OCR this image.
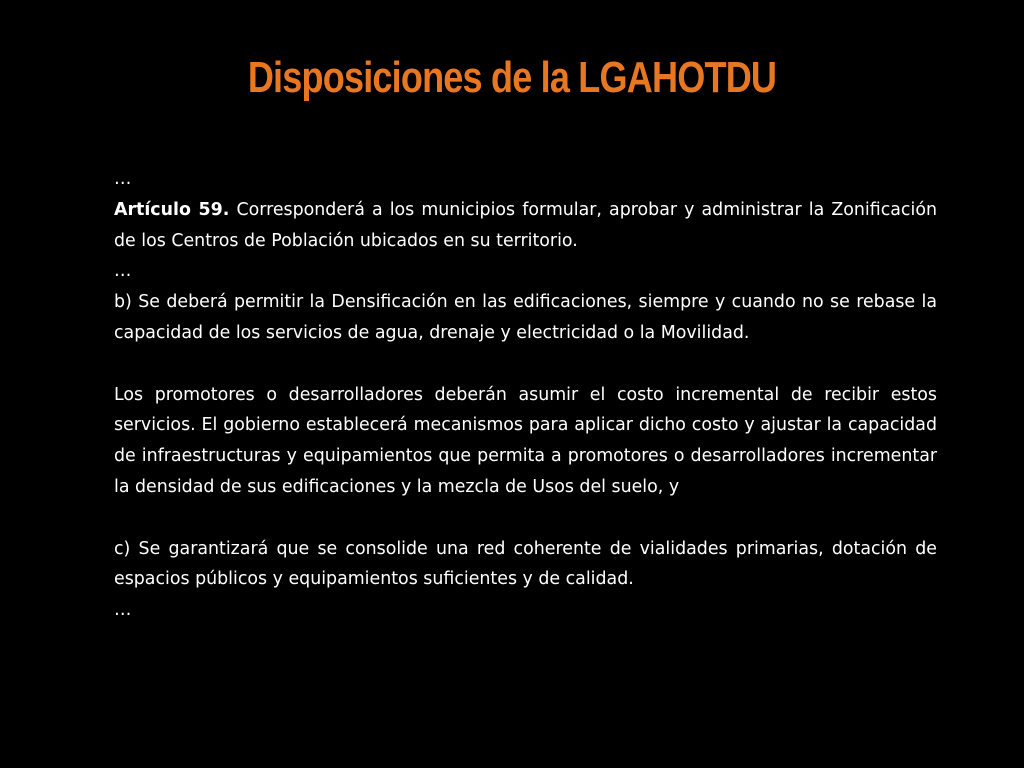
Disposiciones de la LGAHOTDU

…

Artículo 59. Corresponderá a los municipios formular, aprobar y administrar la Zonificación de los Centros de Población ubicados en su territorio.

…

b) Se deberá permitir la Densificación en las edificaciones, siempre y cuando no se rebase la capacidad de los servicios de agua, drenaje y electricidad o la Movilidad.

Los promotores o desarrolladores deberán asumir el costo incremental de recibir estos servicios. El gobierno establecerá mecanismos para aplicar dicho costo y ajustar la capacidad de infraestructuras y equipamientos que permita a promotores o desarrolladores incrementar la densidad de sus edificaciones y la mezcla de Usos del suelo, y

c) Se garantizará que se consolide una red coherente de vialidades primarias, dotación de espacios públicos y equipamientos suficientes y de calidad.

…
